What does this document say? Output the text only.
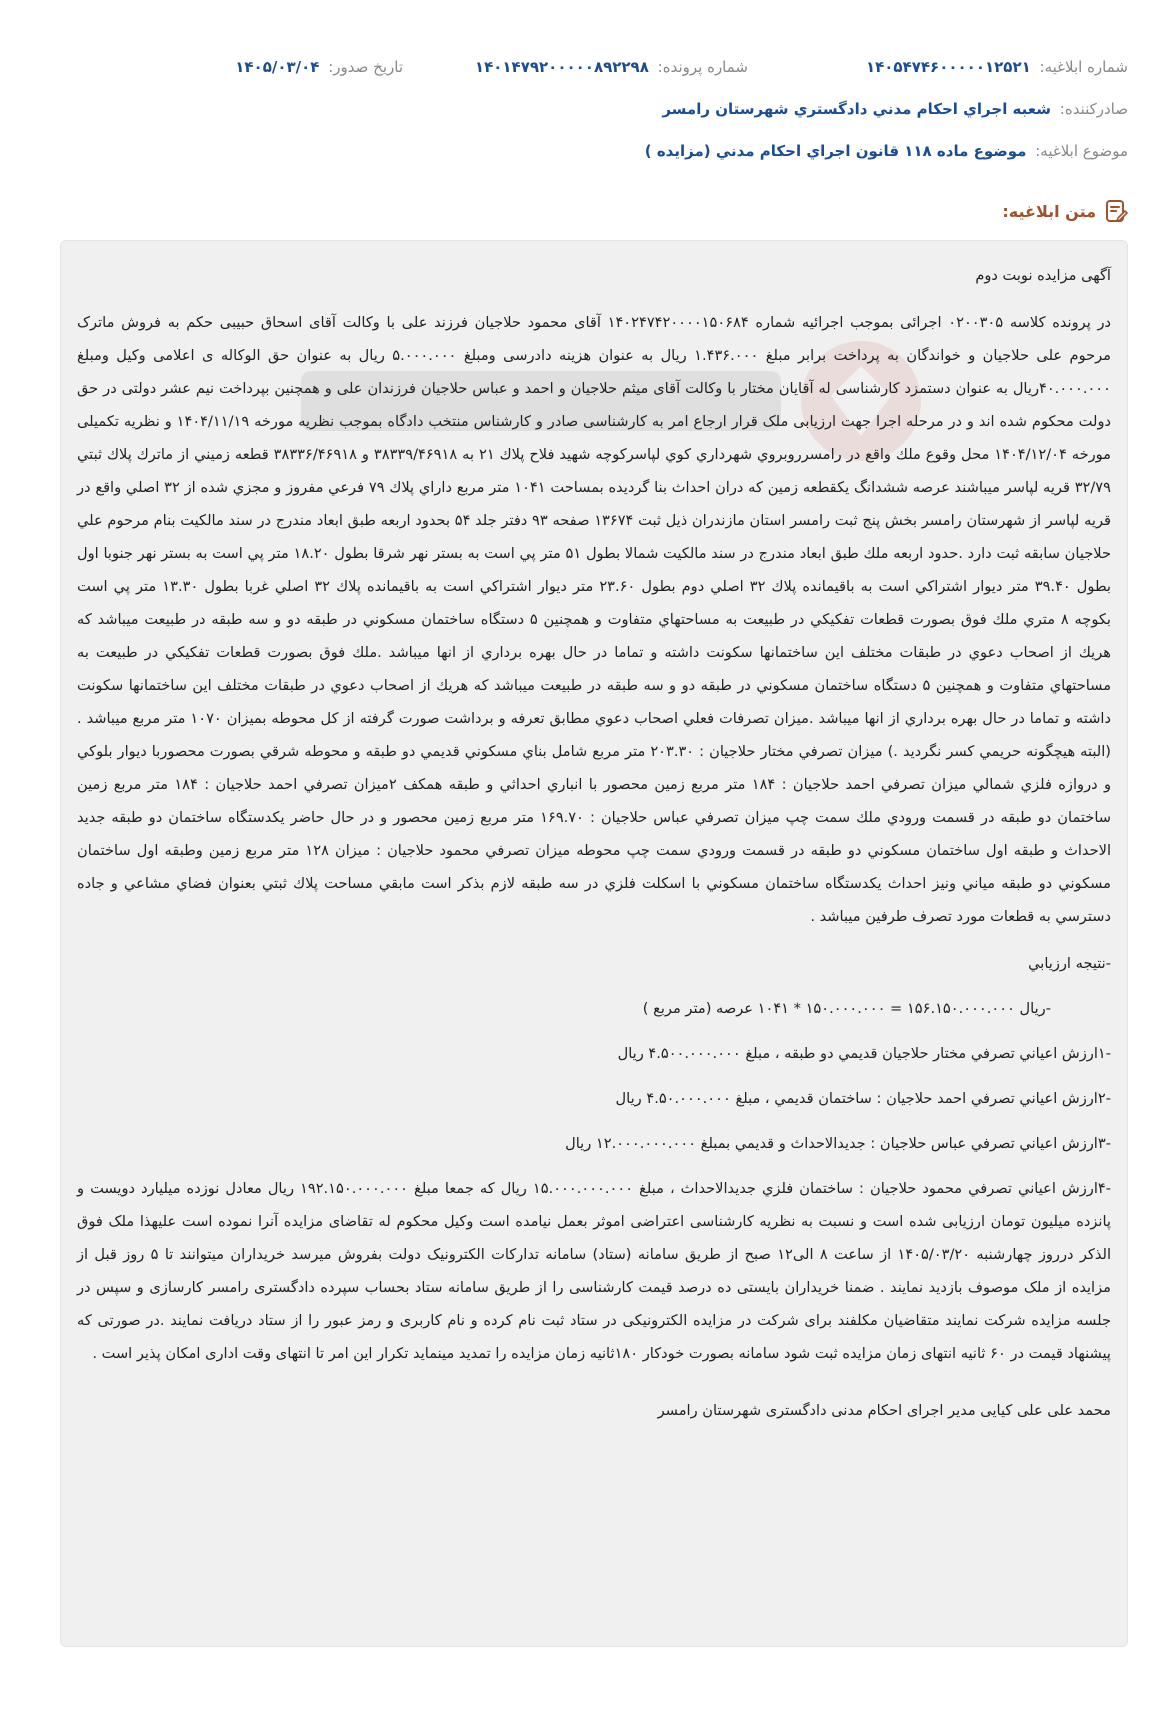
شماره ابلاغیه: ۱۴۰۵۴۷۴۶۰۰۰۰۰۱۲۵۲۱
شماره پرونده: ۱۴۰۱۴۷۹۲۰۰۰۰۰۸۹۲۲۹۸
تاریخ صدور: ۱۴۰۵/۰۳/۰۴
صادرکننده: شعبه اجراي احكام مدني دادگستري شهرستان رامسر
موضوع ابلاغیه: موضوع ماده ۱۱۸ قانون اجراي احكام مدني (مزايده )
متن ابلاغیه:

آگهی مزایده نوبت دوم

در پرونده كلاسه ۰۲۰۰۳۰۵ اجرائی بموجب اجرائیه شماره ۱۴۰۲۴۷۴۲۰۰۰۰۱۵۰۶۸۴ آقای محمود حلاجیان فرزند علی با وكالت آقای اسحاق حبیبی حكم به فروش ماترک مرحوم علی حلاجيان و خواندگان به پرداخت برابر مبلغ ۱.۴۳۶.۰۰۰ ريال به عنوان هزينه دادرسی ومبلغ ۵.۰۰۰.۰۰۰ ريال به عنوان حق الوكاله ی اعلامی وكيل ومبلغ ۴۰.۰۰۰.۰۰۰ريال به عنوان دستمزد كارشناسی له آقايان مختار با وكالت آقای ميثم حلاجيان و احمد و عباس حلاجيان فرزندان علی و همچنين بپرداخت نيم عشر دولتی در حق دولت محكوم شده اند و در مرحله اجرا جهت ارزيابی ملک قرار ارجاع امر به كارشناسی صادر و كارشناس منتخب دادگاه بموجب نظريه مورخه ۱۴۰۴/۱۱/۱۹ و نظريه تكميلی مورخه ۱۴۰۴/۱۲/۰۴ محل وقوع ملك واقع در رامسرروبروي شهرداري كوي لپاسركوچه شهيد فلاح پلاك ۲۱ به ۳۸۳۳۹/۴۶۹۱۸ و ۳۸۳۳۶/۴۶۹۱۸ قطعه زميني از ماترك پلاك ثبتي ۳۲/۷۹ قريه لپاسر ميباشند عرصه ششدانگ يكقطعه زمين كه دران احداث بنا گرديده بمساحت ۱۰۴۱ متر مربع داراي پلاك ۷۹ فرعي مفروز و مجزي شده از ۳۲ اصلي واقع در قريه لپاسر از شهرستان رامسر بخش پنج ثبت رامسر استان مازندران ذيل ثبت ۱۳۶۷۴ صفحه ۹۳ دفتر جلد ۵۴ بحدود اربعه طبق ابعاد مندرج در سند مالكيت بنام مرحوم علي حلاجيان سابقه ثبت دارد .حدود اربعه ملك طبق ابعاد مندرج در سند مالكيت شمالا بطول ۵۱ متر پي است به بستر نهر شرقا بطول ۱۸.۲۰ متر پي است به بستر نهر جنوبا اول بطول ۳۹.۴۰ متر ديوار اشتراكي است به باقيمانده پلاك ۳۲ اصلي دوم بطول ۲۳.۶۰ متر ديوار اشتراكي است به باقيمانده پلاك ۳۲ اصلي غربا بطول ۱۳.۳۰ متر پي است بكوچه ۸ متري ملك فوق بصورت قطعات تفكيكي در طبيعت به مساحتهاي متفاوت و همچنين ۵ دستگاه ساختمان مسكوني در طبقه دو و سه طبقه در طبيعت ميباشد كه هريك از اصحاب دعوي در طبقات مختلف اين ساختمانها سكونت داشته و تماما در حال بهره برداري از انها ميباشد .ملك فوق بصورت قطعات تفكيكي در طبيعت به مساحتهاي متفاوت و همچنين ۵ دستگاه ساختمان مسكوني در طبقه دو و سه طبقه در طبيعت ميباشد كه هريك از اصحاب دعوي در طبقات مختلف اين ساختمانها سكونت داشته و تماما در حال بهره برداري از انها ميباشد .ميزان تصرفات فعلي اصحاب دعوي مطابق تعرفه و برداشت صورت گرفته از كل محوطه بميزان ۱۰۷۰ متر مربع ميباشد . (البته هيچگونه حريمي كسر نگرديد .) ميزان تصرفي مختار حلاجيان : ۲۰۳.۳۰ متر مربع شامل بناي مسكوني قديمي دو طبقه و محوطه شرقي بصورت محصوربا ديوار بلوكي و دروازه فلزي شمالي ميزان تصرفي احمد حلاجيان : ۱۸۴ متر مربع زمين محصور با انباري احداثي و طبقه همكف ۲ميزان تصرفي احمد حلاجيان : ۱۸۴ متر مربع زمين ساختمان دو طبقه در قسمت ورودي ملك سمت چپ ميزان تصرفي عباس حلاجيان : ۱۶۹.۷۰ متر مربع زمين محصور و در حال حاضر يكدستگاه ساختمان دو طبقه جديد الاحداث و طبقه اول ساختمان مسكوني دو طبقه در قسمت ورودي سمت چپ محوطه ميزان تصرفي محمود حلاجيان : ميزان ۱۲۸ متر مربع زمين وطبقه اول ساختمان مسكوني دو طبقه مياني ونيز احداث يكدستگاه ساختمان مسكوني با اسكلت فلزي در سه طبقه لازم بذكر است مابقي مساحت پلاك ثبتي بعنوان فضاي مشاعي و جاده دسترسي به قطعات مورد تصرف طرفين ميباشد .

-نتيجه ارزيابي

-ريال ۱۵۶.۱۵۰.۰۰۰.۰۰۰ = ۱۵۰.۰۰۰.۰۰۰ * ۱۰۴۱ عرصه (متر مربع )

-۱ارزش اعياني تصرفي مختار حلاجيان قديمي دو طبقه ، مبلغ ۴.۵۰۰.۰۰۰.۰۰۰ ريال

-۲ارزش اعياني تصرفي احمد حلاجيان : ساختمان قديمي ، مبلغ ۴.۵۰.۰۰۰.۰۰۰ ريال

-۳ارزش اعياني تصرفي عباس حلاجيان : جديدالاحداث و قديمي بمبلغ ۱۲.۰۰۰.۰۰۰.۰۰۰ ريال

-۴ارزش اعياني تصرفي محمود حلاجيان : ساختمان فلزي جديدالاحداث ، مبلغ ۱۵.۰۰۰.۰۰۰.۰۰۰ ريال كه جمعا مبلغ ۱۹۲.۱۵۰.۰۰۰.۰۰۰ ريال معادل نوزده ميلیارد دويست و پانزده ميليون تومان ارزيابی شده است و نسبت به نظريه كارشناسی اعتراضی اموثر بعمل نيامده است وكيل محكوم له تقاضای مزايده آنرا نموده است عليهذا ملک فوق الذكر درروز چهارشنبه ۱۴۰۵/۰۳/۲۰ از ساعت ۸ الی۱۲ صبح از طريق سامانه (ستاد) سامانه تداركات الكترونيک دولت بفروش ميرسد خريداران ميتوانند تا ۵ روز قبل از مزايده از ملک موصوف بازديد نمايند . ضمنا خريداران بايستی ده درصد قيمت كارشناسی را از طريق سامانه ستاد بحساب سپرده دادگستری رامسر كارسازی و سپس در جلسه مزايده شركت نمايند متقاضيان مكلفند برای شركت در مزايده الكترونيكی در ستاد ثبت نام كرده و نام كاربری و رمز عبور را از ستاد دريافت نمايند .در صورتی كه پيشنهاد قيمت در ۶۰ ثانيه انتهای زمان مزايده ثبت شود سامانه بصورت خودكار ۱۸۰ثانيه زمان مزايده را تمديد مينمايد تكرار اين امر تا انتهای وقت اداری امكان پذير است .

محمد علی علی كيايی مدير اجرای احكام مدنی دادگستری شهرستان رامسر
